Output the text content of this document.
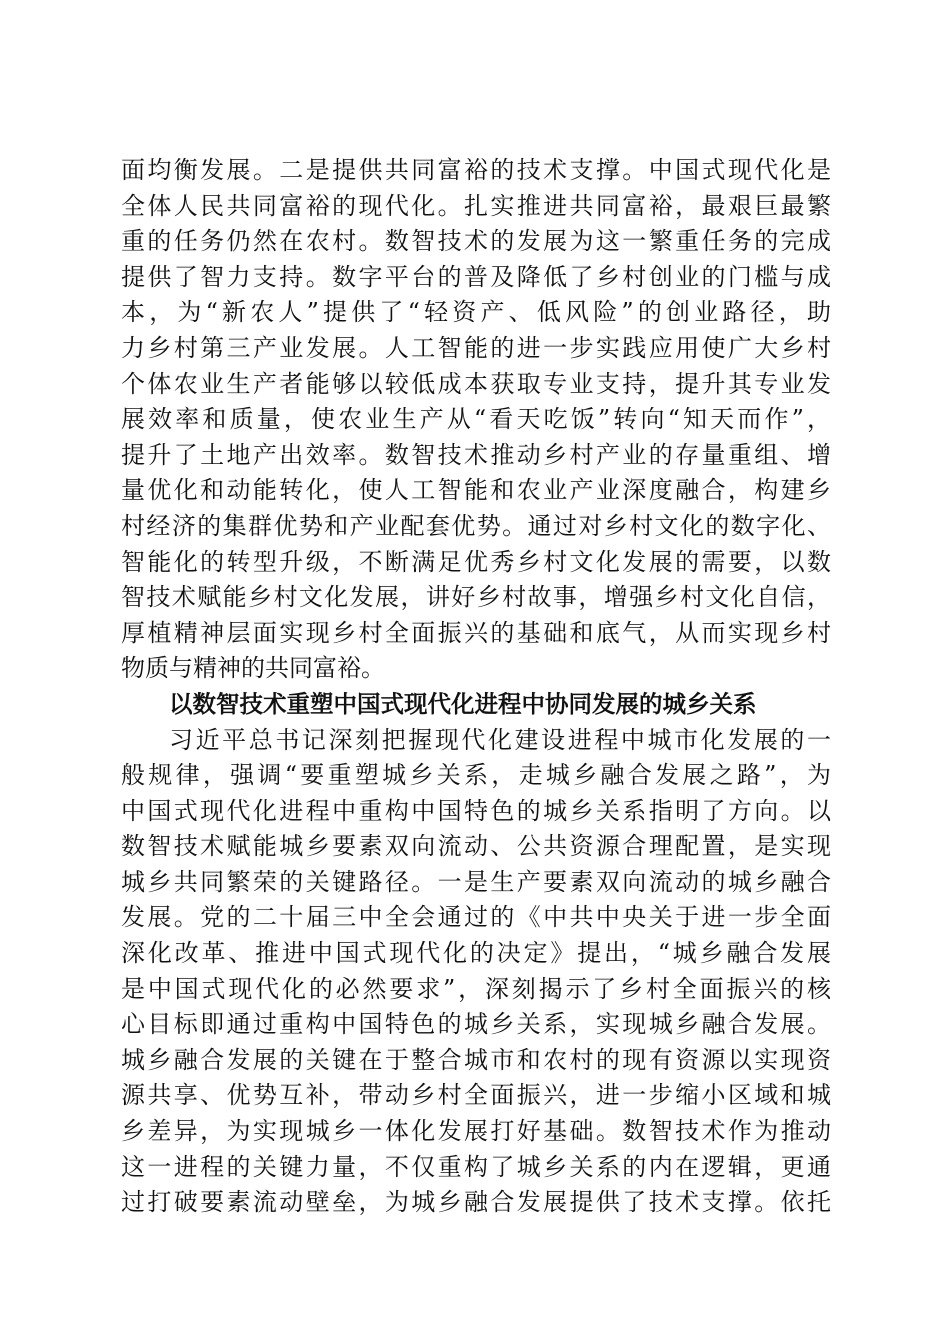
面均衡发展。二是提供共同富裕的技术支撑。中国式现代化是
全体人民共同富裕的现代化。扎实推进共同富裕，最艰巨最繁
重的任务仍然在农村。数智技术的发展为这一繁重任务的完成
提供了智力支持。数字平台的普及降低了乡村创业的门槛与成
本，为“新农人”提供了“轻资产、低风险”的创业路径，助
力乡村第三产业发展。人工智能的进一步实践应用使广大乡村
个体农业生产者能够以较低成本获取专业支持，提升其专业发
展效率和质量，使农业生产从“看天吃饭”转向“知天而作”，
提升了土地产出效率。数智技术推动乡村产业的存量重组、增
量优化和动能转化，使人工智能和农业产业深度融合，构建乡
村经济的集群优势和产业配套优势。通过对乡村文化的数字化、
智能化的转型升级，不断满足优秀乡村文化发展的需要，以数
智技术赋能乡村文化发展，讲好乡村故事，增强乡村文化自信，
厚植精神层面实现乡村全面振兴的基础和底气，从而实现乡村
物质与精神的共同富裕。
以数智技术重塑中国式现代化进程中协同发展的城乡关系
习近平总书记深刻把握现代化建设进程中城市化发展的一
般规律，强调“要重塑城乡关系，走城乡融合发展之路”，为
中国式现代化进程中重构中国特色的城乡关系指明了方向。以
数智技术赋能城乡要素双向流动、公共资源合理配置，是实现
城乡共同繁荣的关键路径。一是生产要素双向流动的城乡融合
发展。党的二十届三中全会通过的《中共中央关于进一步全面
深化改革、推进中国式现代化的决定》提出，“城乡融合发展
是中国式现代化的必然要求”，深刻揭示了乡村全面振兴的核
心目标即通过重构中国特色的城乡关系，实现城乡融合发展。
城乡融合发展的关键在于整合城市和农村的现有资源以实现资
源共享、优势互补，带动乡村全面振兴，进一步缩小区域和城
乡差异，为实现城乡一体化发展打好基础。数智技术作为推动
这一进程的关键力量，不仅重构了城乡关系的内在逻辑，更通
过打破要素流动壁垒，为城乡融合发展提供了技术支撑。依托
